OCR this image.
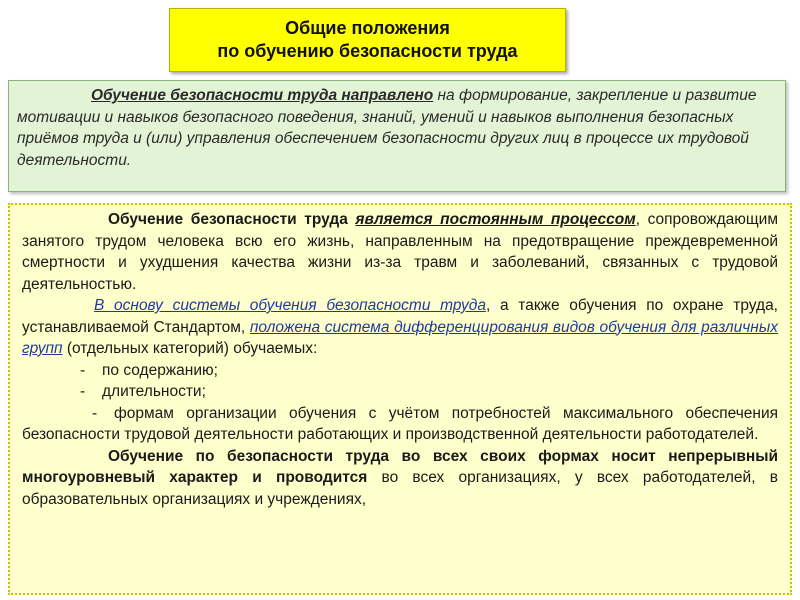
Общие положения
по обучению безопасности труда
Обучение безопасности труда направлено на формирование, закрепление и развитие мотивации и навыков безопасного поведения, знаний, умений и навыков выполнения безопасных приёмов труда и (или) управления обеспечением безопасности других лиц в процессе их трудовой деятельности.

Обучение безопасности труда является постоянным процессом, сопровождающим занятого трудом человека всю его жизнь, направленным на предотвращение преждевременной смертности и ухудшения качества жизни из-за травм и заболеваний, связанных с трудовой деятельностью.

В основу системы обучения безопасности труда, а также обучения по охране труда, устанавливаемой Стандартом, положена система дифференцирования видов обучения для различных групп (отдельных категорий) обучаемых:

- по содержанию;

- длительности;

- формам организации обучения с учётом потребностей максимального обеспечения безопасности трудовой деятельности работающих и производственной деятельности работодателей.

Обучение по безопасности труда во всех своих формах носит непрерывный многоуровневый характер и проводится во всех организациях, у всех работодателей, в образовательных организациях и учреждениях,
